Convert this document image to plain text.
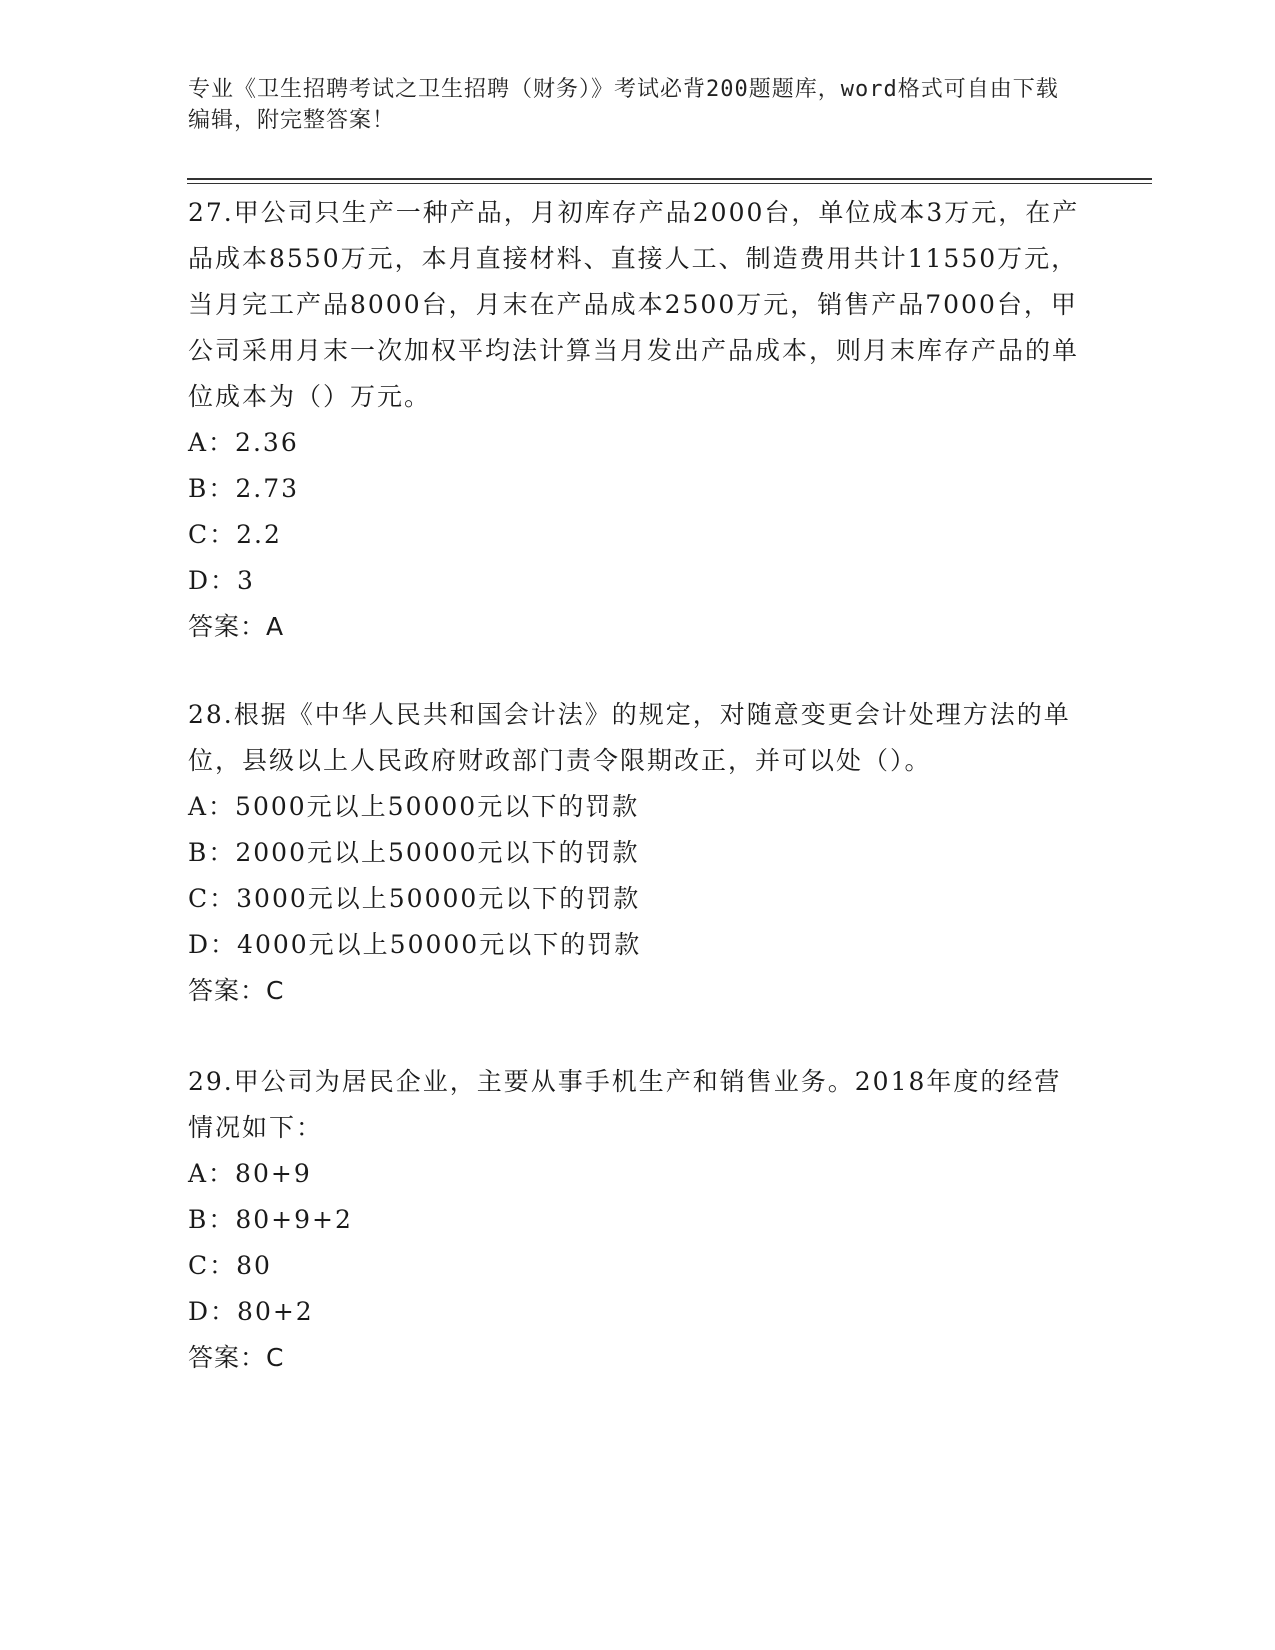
专业《卫生招聘考试之卫生招聘（财务）》考试必背200题题库，word格式可自由下载编辑，附完整答案！

27.甲公司只生产一种产品，月初库存产品2000台，单位成本3万元，在产品成本8550万元，本月直接材料、直接人工、制造费用共计11550万元，当月完工产品8000台，月末在产品成本2500万元，销售产品7000台，甲公司采用月末一次加权平均法计算当月发出产品成本，则月末库存产品的单位成本为（）万元。

A：2.36

B：2.73

C：2.2

D：3

答案：A

28.根据《中华人民共和国会计法》的规定，对随意变更会计处理方法的单位，县级以上人民政府财政部门责令限期改正，并可以处（）。

A：5000元以上50000元以下的罚款

B：2000元以上50000元以下的罚款

C：3000元以上50000元以下的罚款

D：4000元以上50000元以下的罚款

答案：C

29.甲公司为居民企业，主要从事手机生产和销售业务。2018年度的经营情况如下：

A：80+9

B：80+9+2

C：80

D：80+2

答案：C
